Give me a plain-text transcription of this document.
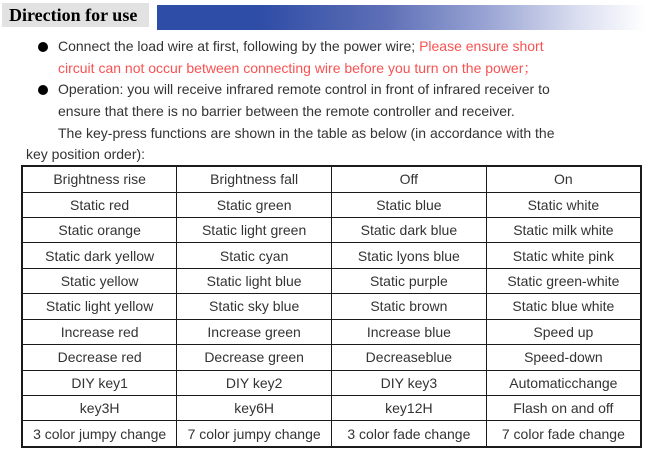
Direction for use
Connect the load wire at first, following by the power wire; Please ensure short
circuit can not occur between connecting wire before you turn on the power；
Operation: you will receive infrared remote control in front of infrared receiver to
ensure that there is no barrier between the remote controller and receiver.
The key-press functions are shown in the table as below (in accordance with the
key position order):
Brightness rise	Brightness fall	Off	On
Static red	Static green	Static blue	Static white
Static orange	Static light green	Static dark blue	Static milk white
Static dark yellow	Static cyan	Static lyons blue	Static white pink
Static yellow	Static light blue	Static purple	Static green-white
Static light yellow	Static sky blue	Static brown	Static blue white
Increase red	Increase green	Increase blue	Speed up
Decrease red	Decrease green	Decreaseblue	Speed-down
DIY key1	DIY key2	DIY key3	Automaticchange
key3H	key6H	key12H	Flash on and off
3 color jumpy change	7 color jumpy change	3 color fade change	7 color fade change
